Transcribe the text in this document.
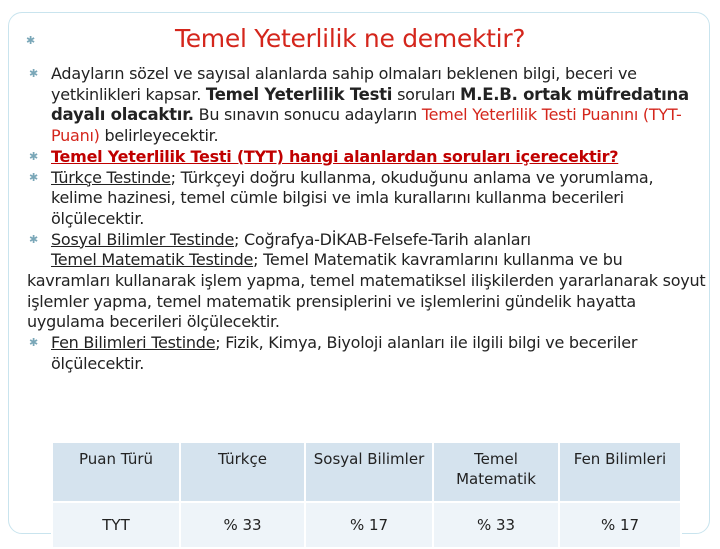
✱	Temel Yeterlilik ne demektir?

✱ Adayların sözel ve sayısal alanlarda sahip olmaları beklenen bilgi, beceri ve yetkinlikleri kapsar. Temel Yeterlilik Testi soruları M.E.B. ortak müfredatına dayalı olacaktır. Bu sınavın sonucu adayların Temel Yeterlilik Testi Puanını (TYT-Puanı) belirleyecektir.

✱ Temel Yeterlilik Testi (TYT) hangi alanlardan soruları içerecektir?

✱ Türkçe Testinde; Türkçeyi doğru kullanma, okuduğunu anlama ve yorumlama, kelime hazinesi, temel cümle bilgisi ve imla kurallarını kullanma becerileri ölçülecektir.

✱ Sosyal Bilimler Testinde; Coğrafya-DİKAB-Felsefe-Tarih alanları

Temel Matematik Testinde; Temel Matematik kavramlarını kullanma ve bu kavramları kullanarak işlem yapma, temel matematiksel ilişkilerden yararlanarak soyut işlemler yapma, temel matematik prensiplerini ve işlemlerini gündelik hayatta uygulama becerileri ölçülecektir.

✱ Fen Bilimleri Testinde; Fizik, Kimya, Biyoloji alanları ile ilgili bilgi ve beceriler ölçülecektir.

Puan Türü	Türkçe	Sosyal Bilimler	Temel Matematik	Fen Bilimleri
TYT	% 33	% 17	% 33	% 17
